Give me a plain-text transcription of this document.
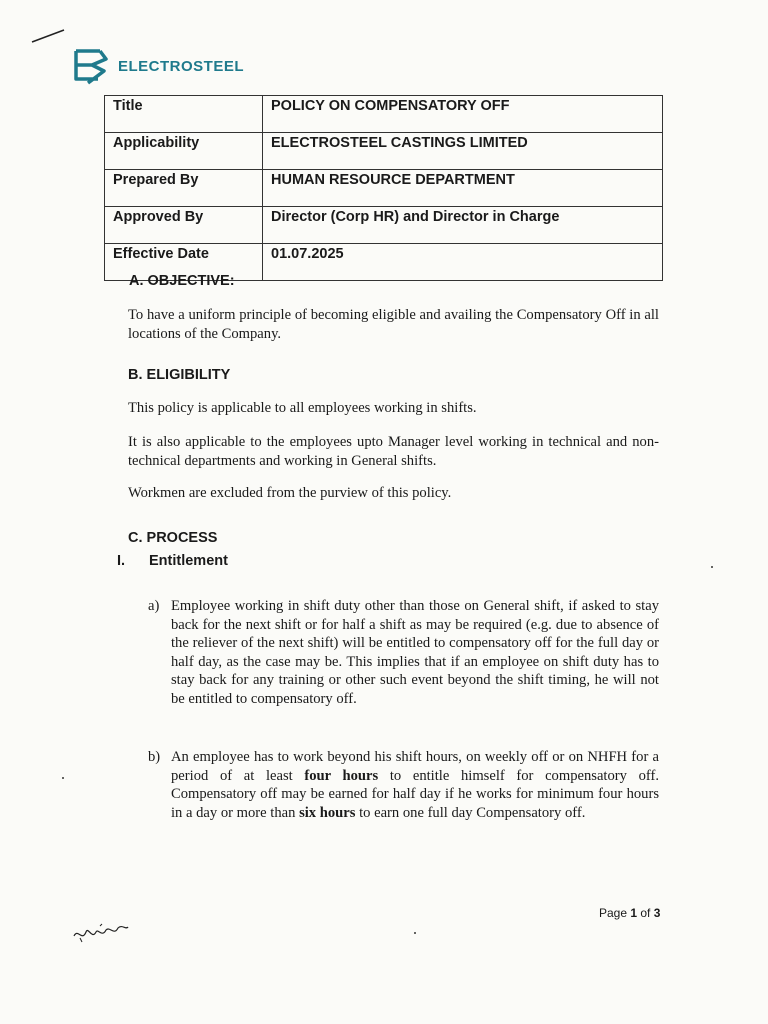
ELECTROSTEEL
Title	POLICY ON COMPENSATORY OFF
Applicability	ELECTROSTEEL CASTINGS LIMITED
Prepared By	HUMAN RESOURCE DEPARTMENT
Approved By	Director (Corp HR) and Director in Charge
Effective Date	01.07.2025
A. OBJECTIVE:
To have a uniform principle of becoming eligible and availing the Compensatory Off in all locations of the Company.
B. ELIGIBILITY
This policy is applicable to all employees working in shifts.
It is also applicable to the employees upto Manager level working in technical and non- technical departments and working in General shifts.
Workmen are excluded from the purview of this policy.
C. PROCESS
I. Entitlement
a) Employee working in shift duty other than those on General shift, if asked to stay back for the next shift or for half a shift as may be required (e.g. due to absence of the reliever of the next shift) will be entitled to compensatory off for the full day or half day, as the case may be. This implies that if an employee on shift duty has to stay back for any training or other such event beyond the shift timing, he will not be entitled to compensatory off.
b) An employee has to work beyond his shift hours, on weekly off or on NHFH for a period of at least four hours to entitle himself for compensatory off. Compensatory off may be earned for half day if he works for minimum four hours in a day or more than six hours to earn one full day Compensatory off.
Page 1 of 3
